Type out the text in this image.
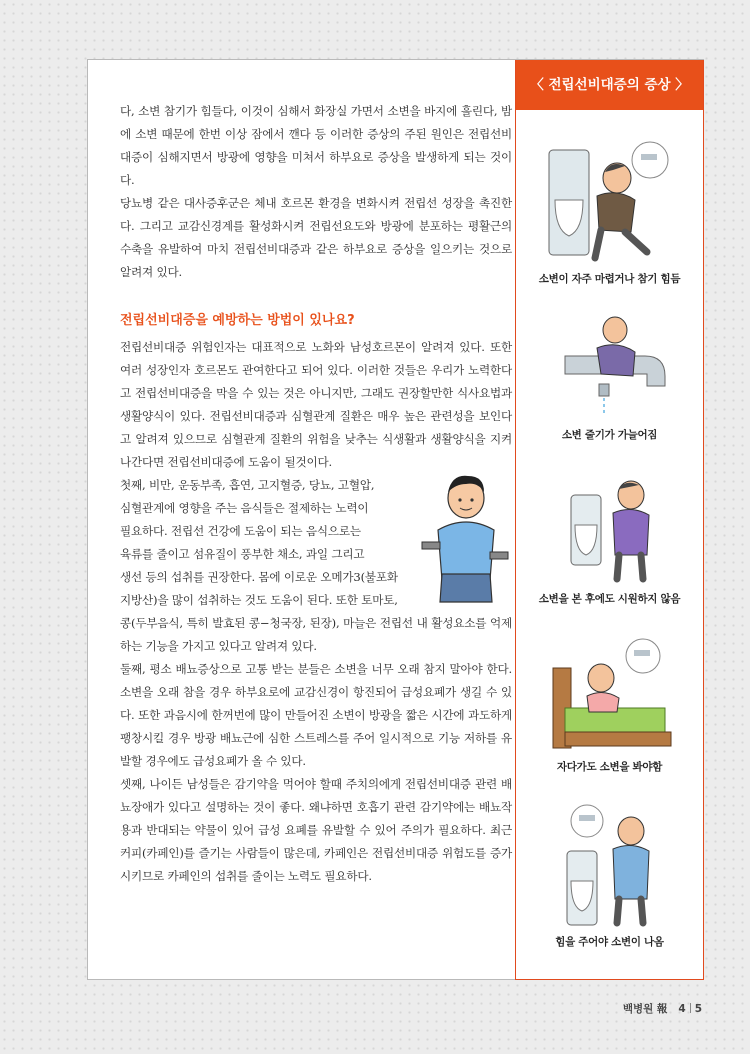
다, 소변 참기가 힘들다, 이것이 심해서 화장실 가면서 소변을 바지에 흘린다, 밤에 소변 때문에 한번 이상 잠에서 깬다 등 이러한 증상의 주된 원인은 전립선비대증이 심해지면서 방광에 영향을 미쳐서 하부요로 증상을 발생하게 되는 것이다.

당뇨병 같은 대사증후군은 체내 호르몬 환경을 변화시켜 전립선 성장을 촉진한다. 그리고 교감신경계를 활성화시켜 전립선요도와 방광에 분포하는 평활근의 수축을 유발하여 마치 전립선비대증과 같은 하부요로 증상을 일으키는 것으로 알려져 있다.

전립선비대증을 예방하는 방법이 있나요?

전립선비대증 위험인자는 대표적으로 노화와 남성호르몬이 알려져 있다. 또한 여러 성장인자 호르몬도 관여한다고 되어 있다. 이러한 것들은 우리가 노력한다고 전립선비대증을 막을 수 있는 것은 아니지만, 그래도 권장할만한 식사요법과 생활양식이 있다. 전립선비대증과 심혈관계 질환은 매우 높은 관련성을 보인다고 알려져 있으므로 심혈관계 질환의 위험을 낮추는 식생활과 생활양식을 지켜나간다면 전립선비대증에 도움이 될것이다.

첫째, 비만, 운동부족, 흡연, 고지혈증, 당뇨, 고혈압,

심혈관계에 영향을 주는 음식들은 절제하는 노력이

필요하다. 전립선 건강에 도움이 되는 음식으로는

육류를 줄이고 섬유질이 풍부한 채소, 과일 그리고

생선 등의 섭취를 권장한다. 몸에 이로운 오메가3(불포화

지방산)을 많이 섭취하는 것도 도움이 된다. 또한 토마토,

콩(두부음식, 특히 발효된 콩−청국장, 된장), 마늘은 전립선 내 활성요소를 억제하는 기능을 가지고 있다고 알려져 있다.

둘째, 평소 배뇨증상으로 고통 받는 분들은 소변을 너무 오래 참지 말아야 한다. 소변을 오래 참을 경우 하부요로에 교감신경이 항진되어 급성요폐가 생길 수 있다. 또한 과음시에 한꺼번에 많이 만들어진 소변이 방광을 짧은 시간에 과도하게 팽창시킬 경우 방광 배뇨근에 심한 스트레스를 주어 일시적으로 기능 저하를 유발할 경우에도 급성요폐가 올 수 있다.

셋째, 나이든 남성들은 감기약을 먹어야 할때 주치의에게 전립선비대증 관련 배뇨장애가 있다고 설명하는 것이 좋다. 왜냐하면 호흡기 관련 감기약에는 배뇨작용과 반대되는 약물이 있어 급성 요폐를 유발할 수 있어 주의가 필요하다. 최근 커피(카페인)를 즐기는 사람들이 많은데, 카페인은 전립선비대증 위험도를 증가시키므로 카페인의 섭취를 줄이는 노력도 필요하다.

〈 전립선비대증의 증상 〉
소변이 자주 마렵거나 참기 힘듬
소변 줄기가 가늘어짐
소변을 본 후에도 시원하지 않음
자다가도 소변을 봐야함
힘을 주어야 소변이 나옴
백병원 報 4 5
